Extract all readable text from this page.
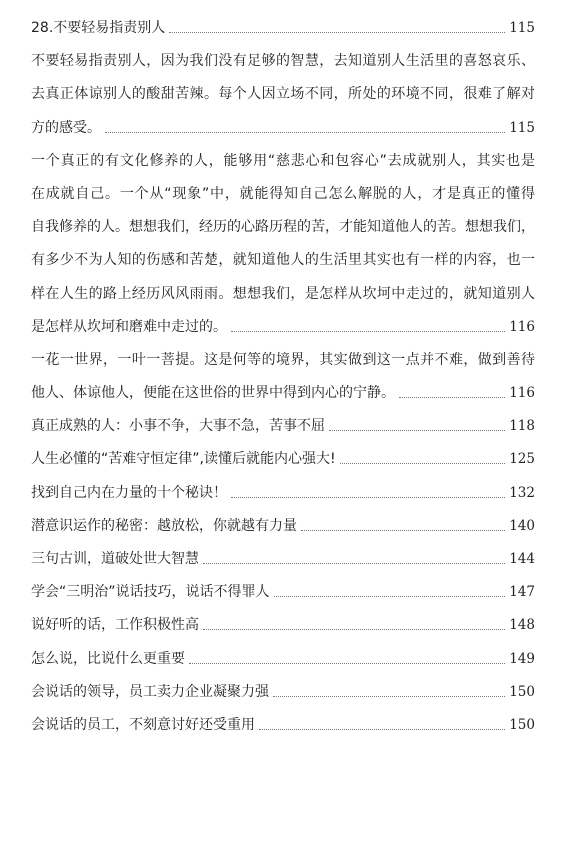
28.不要轻易指责别人	115
不要轻易指责别人，因为我们没有足够的智慧，去知道别人生活里的喜怒哀乐、
去真正体谅别人的酸甜苦辣。每个人因立场不同，所处的环境不同，很难了解对
方的感受。	115
一个真正的有文化修养的人，能够用“慈悲心和包容心”去成就别人，其实也是
在成就自己。一个从“现象”中，就能得知自己怎么解脱的人，才是真正的懂得
自我修养的人。想想我们，经历的心路历程的苦，才能知道他人的苦。想想我们，
有多少不为人知的伤感和苦楚，就知道他人的生活里其实也有一样的内容，也一
样在人生的路上经历风风雨雨。想想我们，是怎样从坎坷中走过的，就知道别人
是怎样从坎坷和磨难中走过的。	116
一花一世界，一叶一菩提。这是何等的境界，其实做到这一点并不难，做到善待
他人、体谅他人，便能在这世俗的世界中得到内心的宁静。	116
真正成熟的人：小事不争，大事不急，苦事不屈	118
人生必懂的“苦难守恒定律”,读懂后就能内心强大!	125
找到自己内在力量的十个秘诀！	132
潜意识运作的秘密：越放松，你就越有力量	140
三句古训，道破处世大智慧	144
学会“三明治”说话技巧，说话不得罪人	147
说好听的话，工作积极性高	148
怎么说，比说什么更重要	149
会说话的领导，员工卖力企业凝聚力强	150
会说话的员工，不刻意讨好还受重用	150
